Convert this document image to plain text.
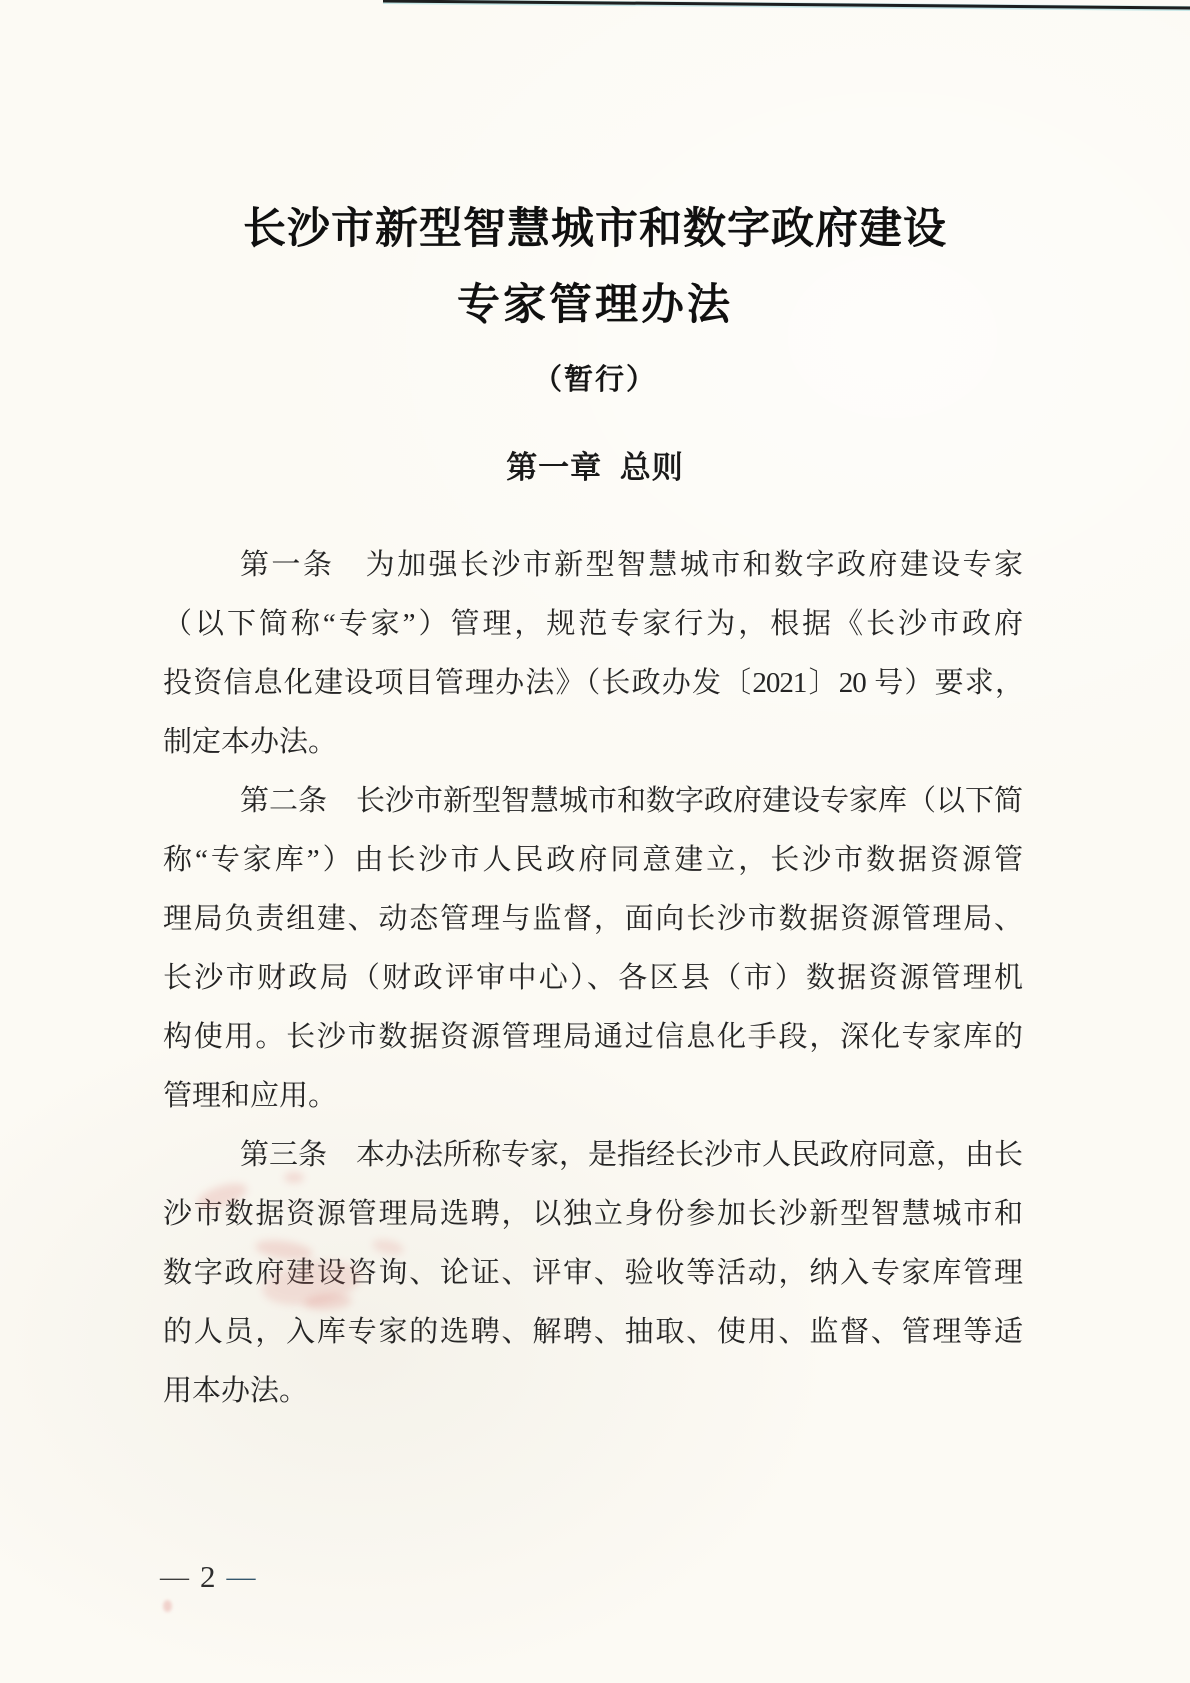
长沙市新型智慧城市和数字政府建设
专家管理办法
（暂行）
第一章 总则
第一条　为加强长沙市新型智慧城市和数字政府建设专家
（以下简称“专家”）管理，规范专家行为，根据《长沙市政府
投资信息化建设项目管理办法》（长政办发〔2021〕20 号）要求，
制定本办法。
第二条　长沙市新型智慧城市和数字政府建设专家库（以下简
称“专家库”）由长沙市人民政府同意建立，长沙市数据资源管
理局负责组建、动态管理与监督，面向长沙市数据资源管理局、
长沙市财政局（财政评审中心）、各区县（市）数据资源管理机
构使用。长沙市数据资源管理局通过信息化手段，深化专家库的
管理和应用。
第三条　本办法所称专家，是指经长沙市人民政府同意，由长
沙市数据资源管理局选聘，以独立身份参加长沙新型智慧城市和
数字政府建设咨询、论证、评审、验收等活动，纳入专家库管理
的人员，入库专家的选聘、解聘、抽取、使用、监督、管理等适
用本办法。
— 2 —
